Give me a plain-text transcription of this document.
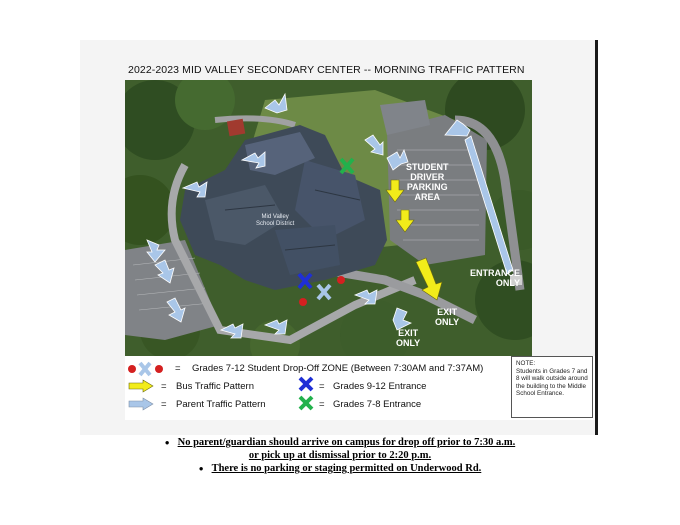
2022-2023 MID VALLEY SECONDARY CENTER -- MORNING TRAFFIC PATTERN
STUDENT
DRIVER
PARKING
AREA
ENTRANCE
ONLY
EXIT
ONLY
EXIT
ONLY
Mid Valley
School District
= Grades 7-12 Student Drop-Off ZONE (Between 7:30AM and 7:37AM)
= Bus Traffic Pattern
= Parent Traffic Pattern
= Grades 9-12 Entrance
= Grades 7-8 Entrance
NOTE:
Students in Grades 7 and 8 will walk outside around the building to the Middle School Entrance.
● No parent/guardian should arrive on campus for drop off prior to 7:30 a.m.
or pick up at dismissal prior to 2:20 p.m.
● There is no parking or staging permitted on Underwood Rd.
